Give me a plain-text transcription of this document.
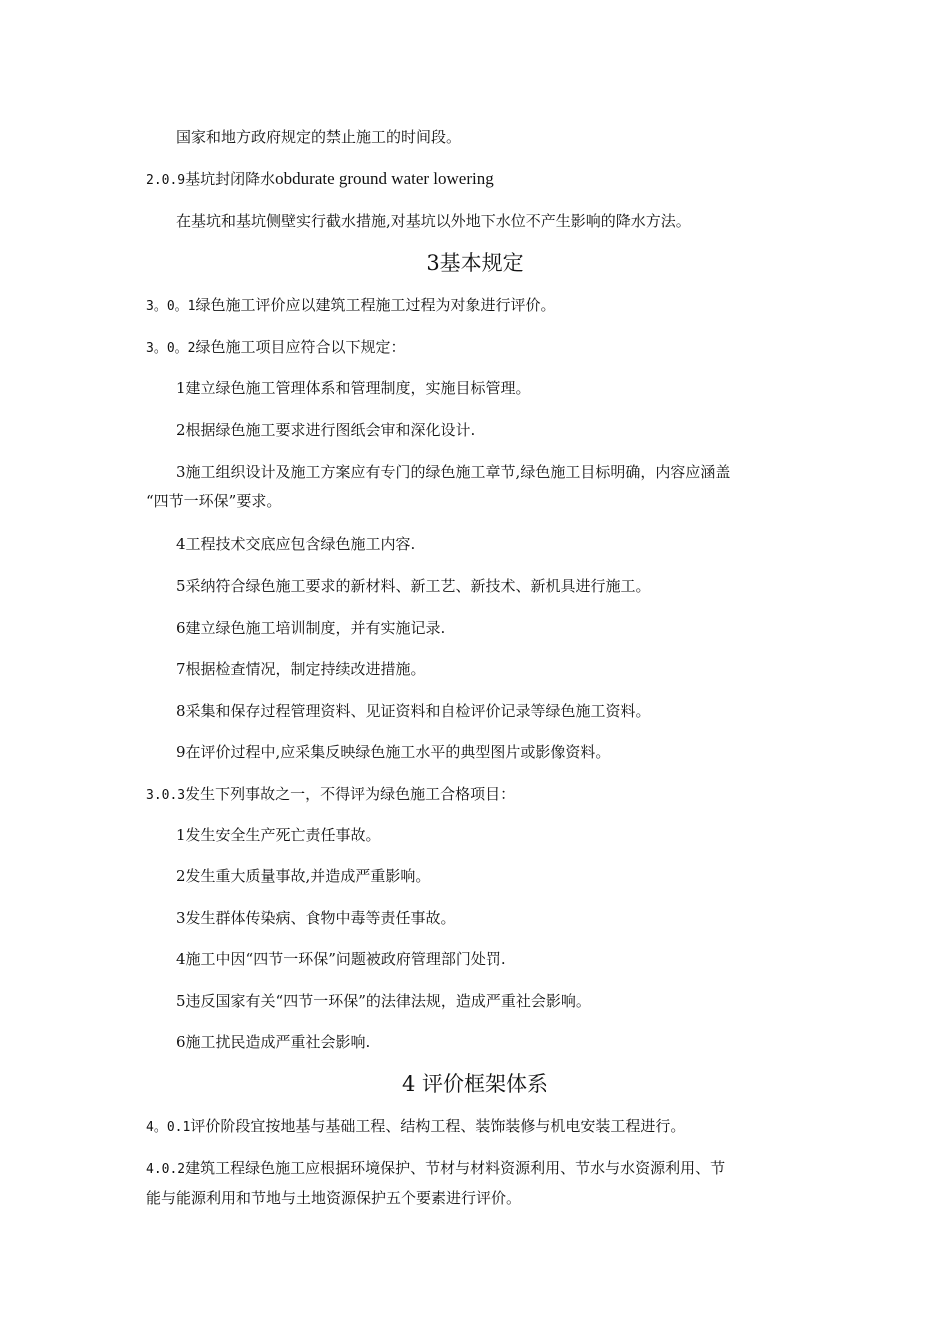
国家和地方政府规定的禁止施工的时间段。
2.0.9基坑封闭降水obdurate ground water lowering
在基坑和基坑侧壁实行截水措施,对基坑以外地下水位不产生影响的降水方法。
3基本规定
3。0。1绿色施工评价应以建筑工程施工过程为对象进行评价。
3。0。2绿色施工项目应符合以下规定：
1建立绿色施工管理体系和管理制度，实施目标管理。
2根据绿色施工要求进行图纸会审和深化设计.
3施工组织设计及施工方案应有专门的绿色施工章节,绿色施工目标明确，内容应涵盖
“四节一环保”要求。
4工程技术交底应包含绿色施工内容.
5采纳符合绿色施工要求的新材料、新工艺、新技术、新机具进行施工。
6建立绿色施工培训制度，并有实施记录.
7根据检查情况，制定持续改进措施。
8采集和保存过程管理资料、见证资料和自检评价记录等绿色施工资料。
9在评价过程中,应采集反映绿色施工水平的典型图片或影像资料。
3.0.3发生下列事故之一，不得评为绿色施工合格项目：
1发生安全生产死亡责任事故。
2发生重大质量事故,并造成严重影响。
3发生群体传染病、食物中毒等责任事故。
4施工中因“四节一环保”问题被政府管理部门处罚.
5违反国家有关“四节一环保”的法律法规，造成严重社会影响。
6施工扰民造成严重社会影响.
4 评价框架体系
4。0.1评价阶段宜按地基与基础工程、结构工程、装饰装修与机电安装工程进行。
4.0.2建筑工程绿色施工应根据环境保护、节材与材料资源利用、节水与水资源利用、节
能与能源利用和节地与土地资源保护五个要素进行评价。
